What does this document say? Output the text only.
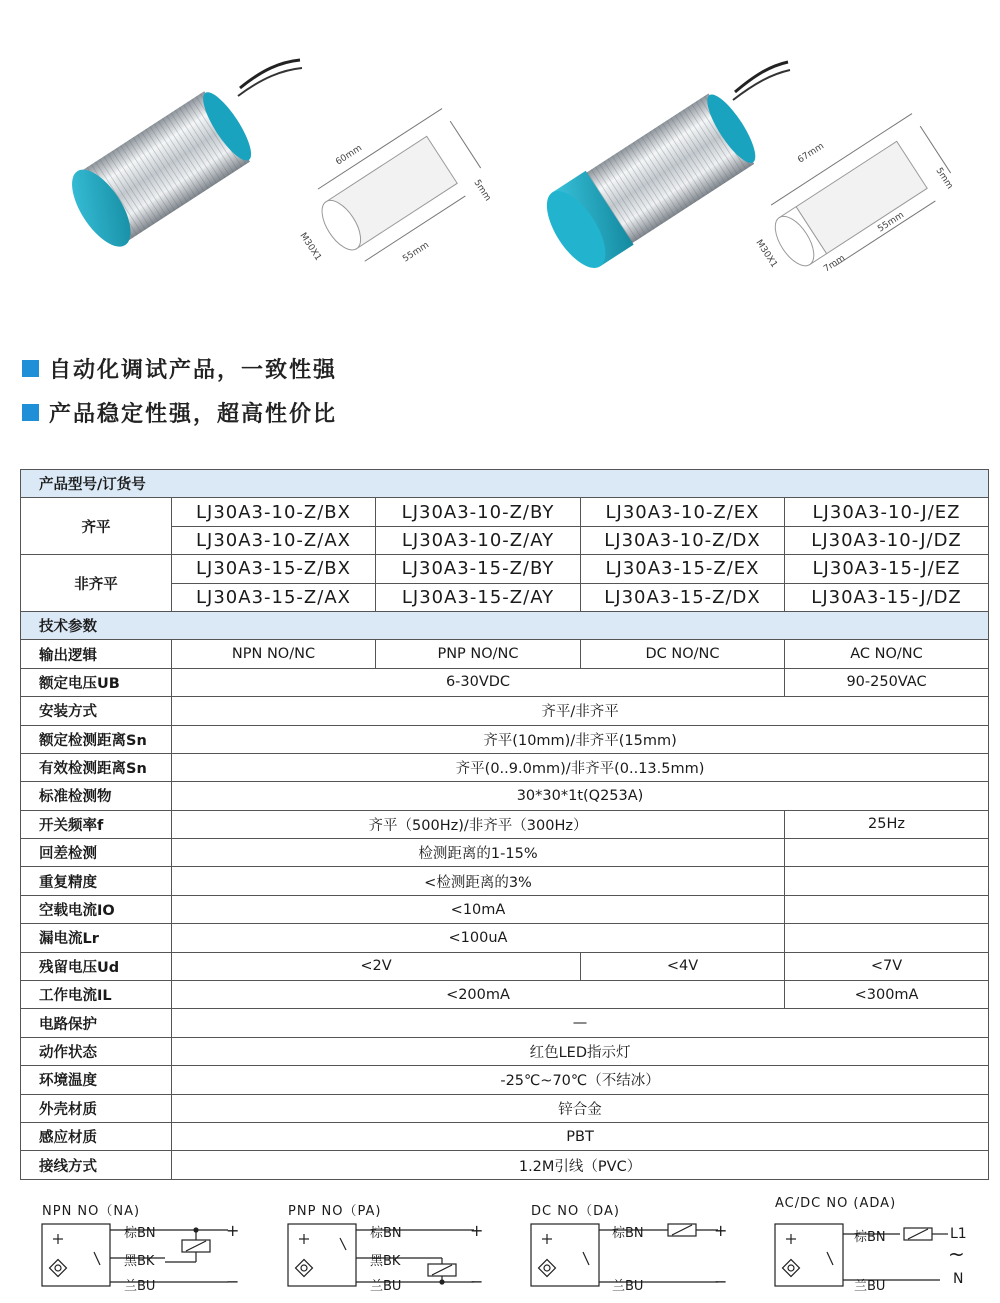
60mm
55mm
5mm
M30X1
67mm
55mm
5mm
7mm
M30X1
自动化调试产品，一致性强
产品稳定性强，超高性价比
产品型号/订货号				
齐平	LJ30A3-10-Z/BX	LJ30A3-10-Z/BY	LJ30A3-10-Z/EX	LJ30A3-10-J/EZ
	LJ30A3-10-Z/AX	LJ30A3-10-Z/AY	LJ30A3-10-Z/DX	LJ30A3-10-J/DZ
非齐平	LJ30A3-15-Z/BX	LJ30A3-15-Z/BY	LJ30A3-15-Z/EX	LJ30A3-15-J/EZ
	LJ30A3-15-Z/AX	LJ30A3-15-Z/AY	LJ30A3-15-Z/DX	LJ30A3-15-J/DZ
技术参数				
输出逻辑	NPN NO/NC	PNP NO/NC	DC NO/NC	AC NO/NC
额定电压UB	6-30VDC			90-250VAC
安装方式	齐平/非齐平			
额定检测距离Sn	齐平(10mm)/非齐平(15mm)			
有效检测距离Sn	齐平(0..9.0mm)/非齐平(0..13.5mm)			
标准检测物	30*30*1t(Q253A)			
开关频率f	齐平（500Hz)/非齐平（300Hz）			25Hz
回差检测	检测距离的1-15%			
重复精度	<检测距离的3%			
空载电流IO	<10mA			
漏电流Lr	<100uA			
残留电压Ud	<2V		<4V	<7V
工作电流IL	<200mA			<300mA
电路保护	—			
动作状态	红色LED指示灯			
环境温度	-25℃~70℃（不结冰）			
外壳材质	锌合金			
感应材质	PBT			
接线方式	1.2M引线（PVC）			
NPN NO（NA)	PNP NO（PA)	DC NO（DA)
AC/DC NO (ADA)
棕BN
黑BK
兰BU
+
−
棕BN
黑BK
兰BU
+
−
棕BN
兰BU
+
−
棕BN
兰BU
L1
~
N
